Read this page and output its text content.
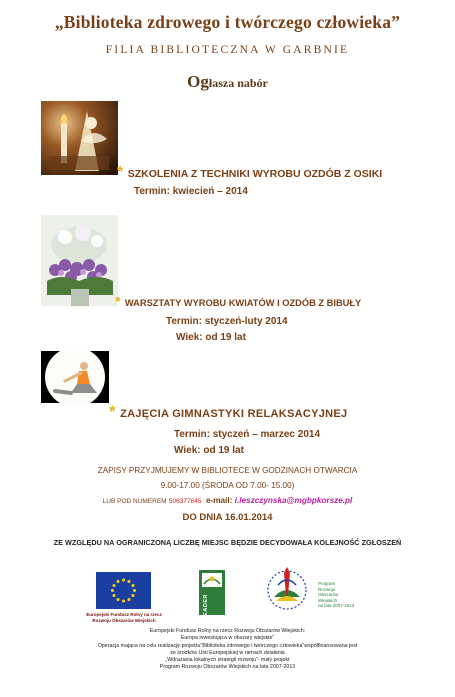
„Biblioteka zdrowego i twórczego człowieka”
FILIA BIBLIOTECZNA W GARBNIE
Ogłasza nabór
* SZKOLENIA Z TECHNIKI WYROBU OZDÓB Z OSIKI
Termin: kwiecień – 2014
* WARSZTATY WYROBU KWIATÓW I OZDÓB Z BIBUŁY
Termin: styczeń-luty 2014
Wiek: od 19 lat
* ZAJĘCIA GIMNASTYKI RELAKSACYJNEJ
Termin: styczeń – marzec 2014
Wiek: od 19 lat
ZAPISY PRZYJMUJEMY W BIBLIOTECE W GODZINACH OTWARCIA
9.00-17.00 (ŚRODA OD 7.00- 15.00)
LUB POD NUMEREM 506377845 e-mail: i.leszczynska@mgbpkorsze.pl
DO DNIA 16.01.2014
ZE WZGLĘDU NA OGRANICZONĄ LICZBĘ MIEJSC BĘDZIE DECYDOWAŁA KOLEJNOŚĆ ZGŁOSZEŃ
Europejski Fundusz Rolny na rzecz
Rozwoju Obszarów Wiejskich
LEADER
Program
Rozwoju
Obszarów
Wiejskich
na lata 2007-2013
Europejski Fundusz Rolny na rzecz Rozwoju Obszarów Wiejskich:
Europa inwestująca w obszary wiejskie”
Operacja mająca na celu realizację projektu"Biblioteka zdrowego i twórczego człowieka"współfinansowana jest
ze środków Unii Europejskiej w ramach działania
„Wdrażania lokalnych strategii rozwoju”- mały projekt
Program Rozwoju Obszarów Wiejskich na lata 2007-2013
